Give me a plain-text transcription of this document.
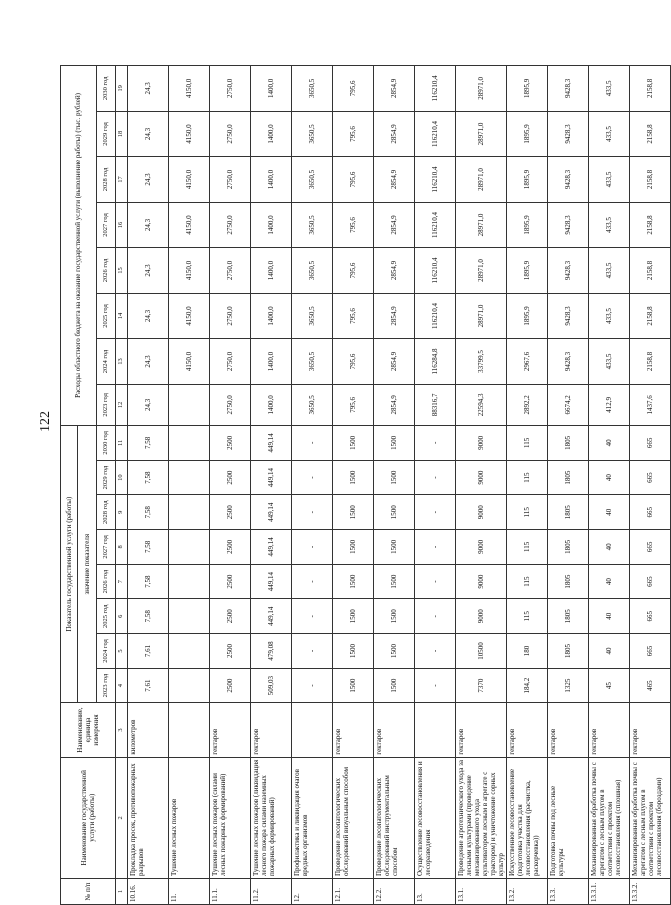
122
№ п/п	Наименование государственной услуги (работы)	Наименование, единица измерения	Показатель государственной услуги (работы)								Расходы областного бюджета на оказание государственной услуги (выполнение работы) (тыс. рублей)							
			значение показателя															
			2023 год	2024 год	2025 год	2026 год	2027 год	2028 год	2029 год	2030 год	2023 год	2024 год	2025 год	2026 год	2027 год	2028 год	2029 год	2030 год
1	2	3	4	5	6	7	8	9	10	11	12	13	14	15	16	17	18	19
10.16.	Прокладка просек, противопожарных разрывов	километров	7,61	7,61	7,58	7,58	7,58	7,58	7,58	7,58	24,3	24,3	24,3	24,3	24,3	24,3	24,3	24,3
11.	Тушение лесных пожаров											4150,0	4150,0	4150,0	4150,0	4150,0	4150,0	4150,0
11.1.	Тушение лесных пожаров (силами лесных пожарных формирований)	гектаров	2500	2500	2500	2500	2500	2500	2500	2500	2750,0	2750,0	2750,0	2750,0	2750,0	2750,0	2750,0	2750,0
11.2.	Тушение лесных пожаров (ликвидация лесного пожара силами наземных пожарных формирований)	гектаров	509,03	479,08	449,14	449,14	449,14	449,14	449,14	449,14	1400,0	1400,0	1400,0	1400,0	1400,0	1400,0	1400,0	1400,0
12.	Профилактика и ликвидация очагов вредных организмов		-	-	-	-	-	-	-	-	3650,5	3650,5	3650,5	3650,5	3650,5	3650,5	3650,5	3650,5
12.1.	Проведение лесопатологических обследований визуальным способом	гектаров	1500	1500	1500	1500	1500	1500	1500	1500	795,6	795,6	795,6	795,6	795,6	795,6	795,6	795,6
12.2.	Проведение лесопатологических обследований инструментальным способом	гектаров	1500	1500	1500	1500	1500	1500	1500	1500	2854,9	2854,9	2854,9	2854,9	2854,9	2854,9	2854,9	2854,9
13.	Осуществление лесовосстановления и лесоразведения		-	-	-	-	-	-	-	-	88316,7	116284,8	116210,4	116210,4	116210,4	116210,4	116210,4	116210,4
13.1.	Проведение агротехнического ухода за лесными культурами (проведение механизированного ухода культиватором лесным в агрегате с трактором) и уничтожение сорных культур	гектаров	7370	10500	9000	9000	9000	9000	9000	9000	22594,3	33799,5	28971,0	28971,0	28971,0	28971,0	28971,0	28971,0
13.2.	Искусственное лесовосстановление (подготовка участка для лесовосстановления (расчистка, раскорчевка))	гектаров	184,2	180	115	115	115	115	115	115	2892,2	2967,6	1895,9	1895,9	1895,9	1895,9	1895,9	1895,9
13.3.	Подготовка почвы под лесные культуры	гектаров	1325	1805	1805	1805	1805	1805	1805	1805	6674,2	9428,3	9428,3	9428,3	9428,3	9428,3	9428,3	9428,3
13.3.1.	Механизированная обработка почвы с агрегатом с лесным плугом в соответствии с проектом лесовосстановления (сплошная)	гектаров	45	40	40	40	40	40	40	40	412,9	433,5	433,5	433,5	433,5	433,5	433,5	433,5
13.3.2.	Механизированная обработка почвы с агрегатом с лесным плугом в соответствии с проектом лесовосстановления (бороздами)	гектаров	465	665	665	665	665	665	665	665	1437,6	2158,8	2158,8	2158,8	2158,8	2158,8	2158,8	2158,8
